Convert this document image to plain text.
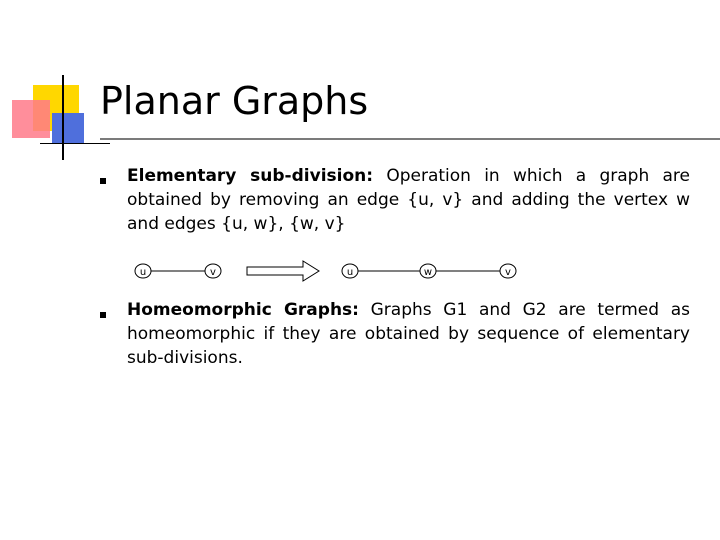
Planar Graphs

Elementary sub-division: Operation in which a graph are obtained by removing an edge {u, v} and adding the vertex w and edges {u, w}, {w, v}

u	v	u	w	v

Homeomorphic Graphs: Graphs G1 and G2 are termed as homeomorphic if they are obtained by sequence of elementary sub-divisions.
